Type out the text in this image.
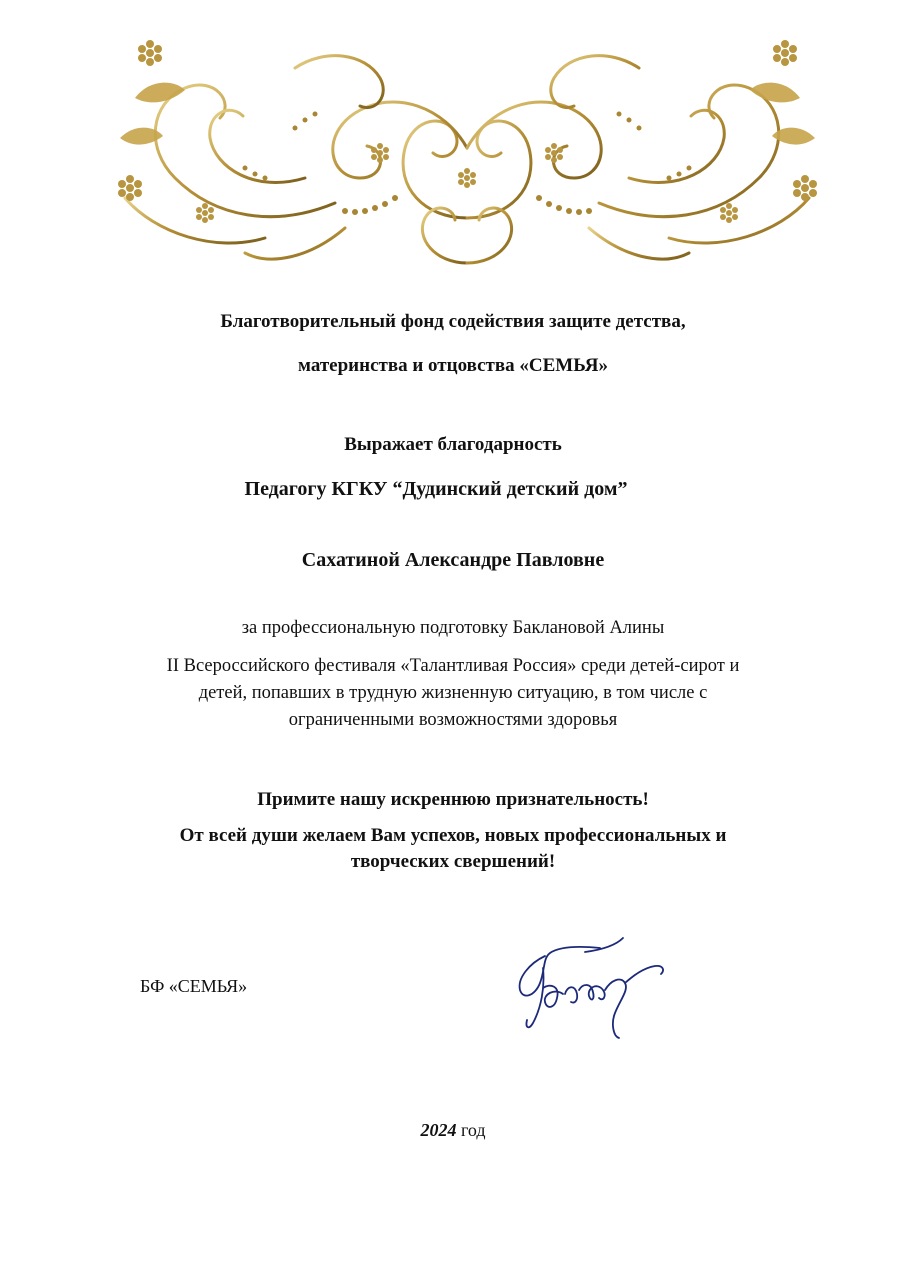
Благотворительный фонд содействия защите детства,
материнства и отцовства «СЕМЬЯ»
Выражает благодарность
Педагогу КГКУ “Дудинский детский дом”
Сахатиной Александре Павловне
за профессиональную подготовку Баклановой Алины
II Всероссийского фестиваля «Талантливая Россия» среди детей-сирот и
детей, попавших в трудную жизненную ситуацию, в том числе с
ограниченными возможностями здоровья
Примите нашу искреннюю признательность!
От всей души желаем Вам успехов, новых профессиональных и
творческих свершений!
БФ «СЕМЬЯ»
2024 год
